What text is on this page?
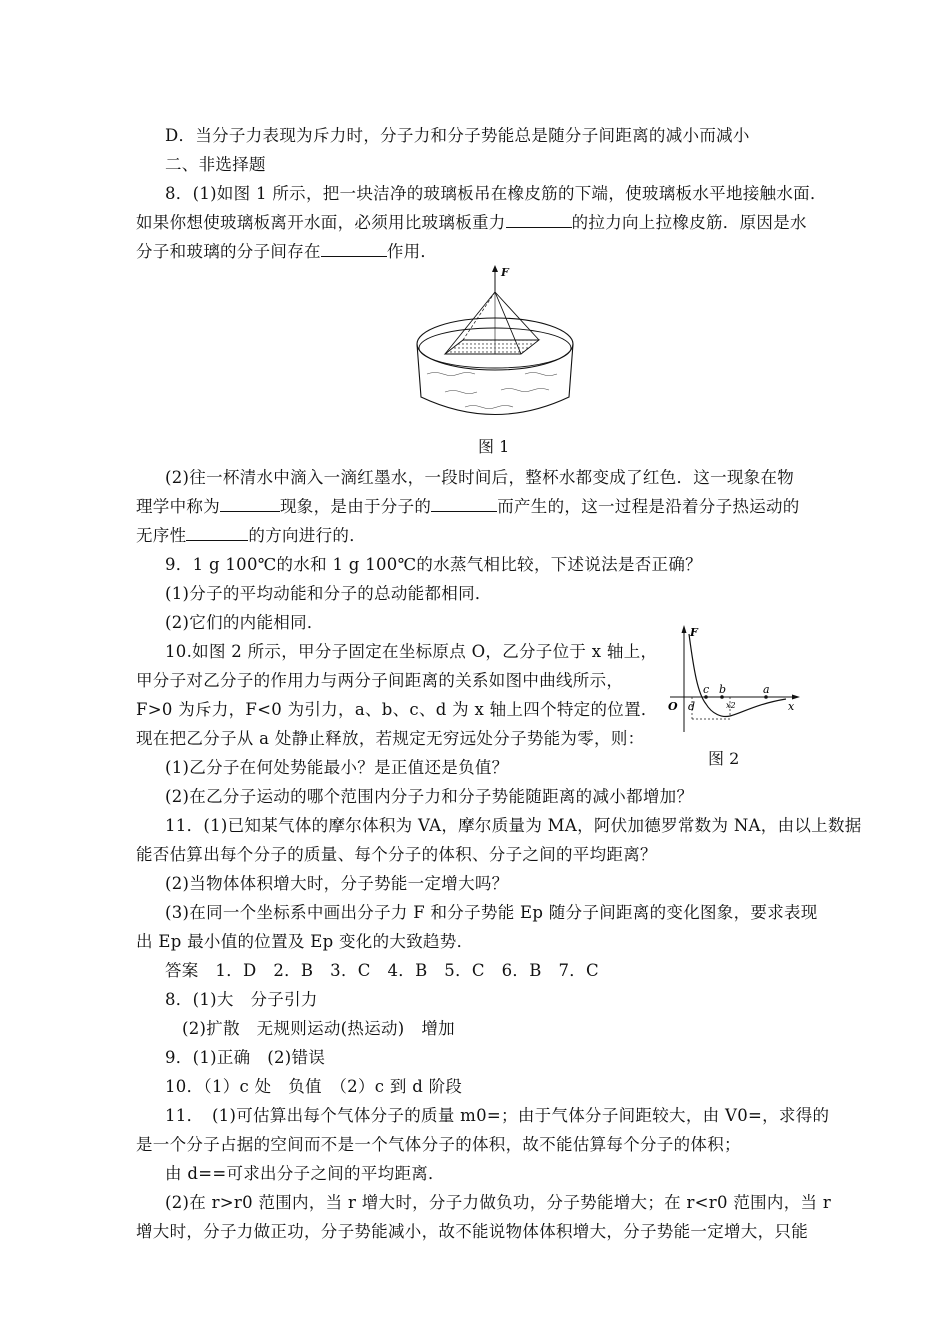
D．当分子力表现为斥力时，分子力和分子势能总是随分子间距离的减小而减小
二、非选择题
8．(1)如图 1 所示，把一块洁净的玻璃板吊在橡皮筋的下端，使玻璃板水平地接触水面．
如果你想使玻璃板离开水面，必须用比玻璃板重力	的拉力向上拉橡皮筋．原因是水
分子和玻璃的分子间存在	作用．
F
图 1
(2)往一杯清水中滴入一滴红墨水，一段时间后，整杯水都变成了红色．这一现象在物
理学中称为	现象，是由于分子的	而产生的，这一过程是沿着分子热运动的
无序性	的方向进行的．
9．1 g 100℃的水和 1 g 100℃的水蒸气相比较，下述说法是否正确？
(1)分子的平均动能和分子的总动能都相同．
(2)它们的内能相同．
10.如图 2 所示，甲分子固定在坐标原点 O，乙分子位于 x 轴上，
甲分子对乙分子的作用力与两分子间距离的关系如图中曲线所示，
F>0 为斥力，F<0 为引力，a、b、c、d 为 x 轴上四个特定的位置．
现在把乙分子从 a 处静止释放，若规定无穷远处分子势能为零，则：
F
x
O d
c b
x2
a
图 2
(1)乙分子在何处势能最小？是正值还是负值？
(2)在乙分子运动的哪个范围内分子力和分子势能随距离的减小都增加？
11．(1)已知某气体的摩尔体积为 VA，摩尔质量为 MA，阿伏加德罗常数为 NA，由以上数据
能否估算出每个分子的质量、每个分子的体积、分子之间的平均距离？
(2)当物体体积增大时，分子势能一定增大吗？
(3)在同一个坐标系中画出分子力 F 和分子势能 Ep 随分子间距离的变化图象，要求表现
出 Ep 最小值的位置及 Ep 变化的大致趋势．
答案　1．D　2．B　3．C　4．B　5．C　6．B　7．C
8．(1)大　分子引力
(2)扩散　无规则运动(热运动)　增加
9．(1)正确　(2)错误
10．（1）c 处　负值　（2）c 到 d 阶段
11．　(1)可估算出每个气体分子的质量 m0=；由于气体分子间距较大，由 V0=，求得的
是一个分子占据的空间而不是一个气体分子的体积，故不能估算每个分子的体积；
由 d==可求出分子之间的平均距离．
(2)在 r>r0 范围内，当 r 增大时，分子力做负功，分子势能增大；在 r<r0 范围内，当 r
增大时，分子力做正功，分子势能减小，故不能说物体体积增大，分子势能一定增大，只能
